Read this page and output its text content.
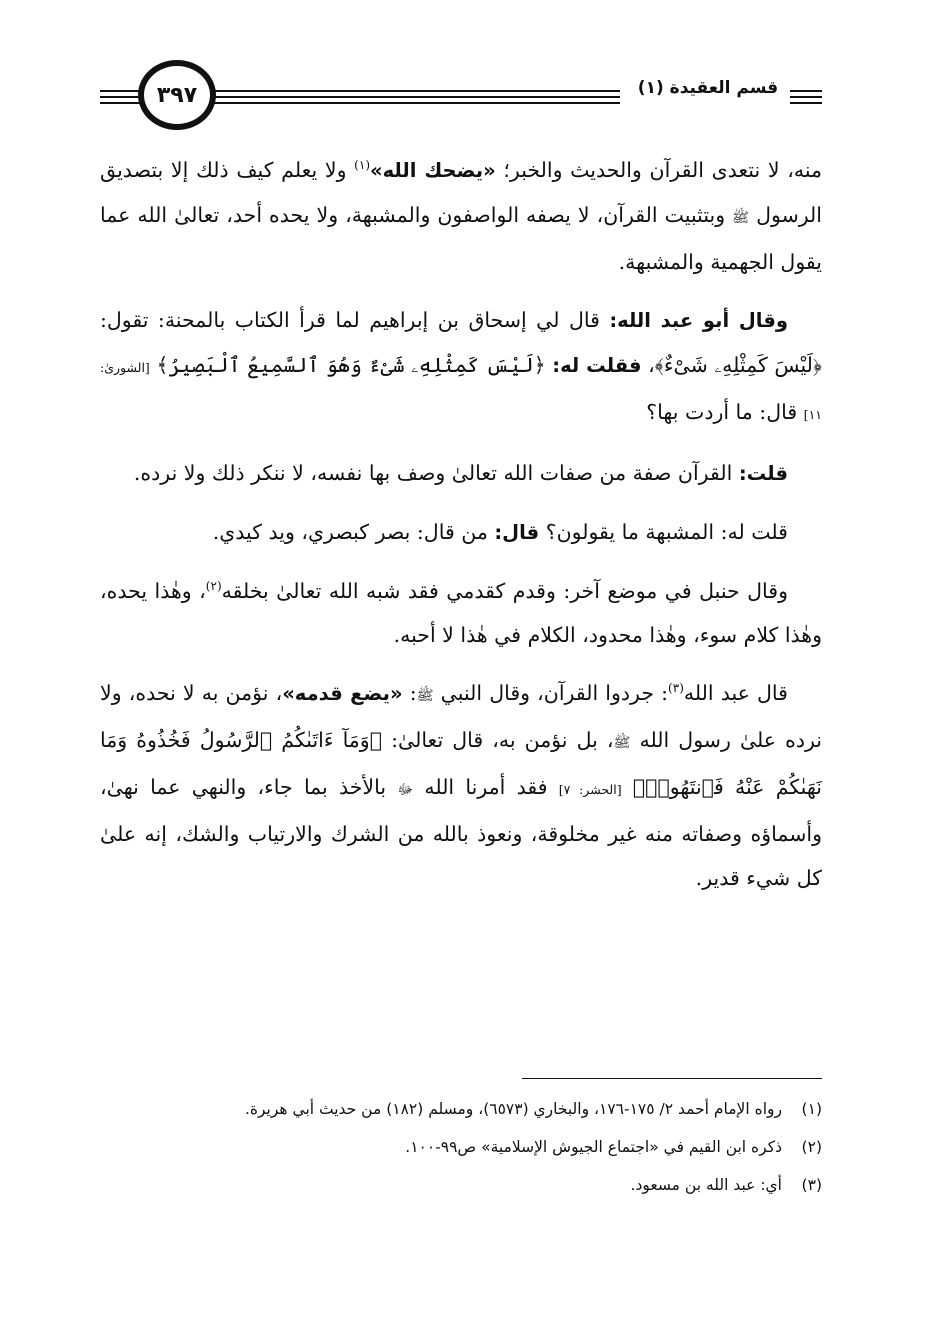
٣٩٧	قسم العقيدة (١)

منه، لا نتعدى القرآن والحديث والخبر؛ «يضحك الله»$^{(١)}$ ولا يعلم كيف ذلك إلا بتصديق الرسول ﷺ وبتثبيت القرآن، لا يصفه الواصفون والمشبهة، ولا يحده أحد، تعالىٰ الله عما يقول الجهمية والمشبهة.

وقال أبو عبد الله: قال لي إسحاق بن إبراهيم لما قرأ الكتاب بالمحنة: تقول: ﴿لَيْسَ كَمِثْلِهِۦ شَىْءٌ﴾، فقلت له: ﴿لَيْسَ كَمِثْلِهِۦ شَىْءٌ وَهُوَ ٱلسَّمِيعُ ٱلْبَصِيرُ﴾ [الشورىٰ: ١١] قال: ما أردت بها؟

قلت: القرآن صفة من صفات الله تعالىٰ وصف بها نفسه، لا ننكر ذلك ولا نرده.

قلت له: المشبهة ما يقولون؟ قال: من قال: بصر كبصري، ويد كيدي.

وقال حنبل في موضع آخر: وقدم كقدمي فقد شبه الله تعالىٰ بخلقه$^{(٢)}$، وهٰذا يحده، وهٰذا كلام سوء، وهٰذا محدود، الكلام في هٰذا لا أحبه.

قال عبد الله$^{(٣)}$: جردوا القرآن، وقال النبي ﷺ: «يضع قدمه»، نؤمن به لا نحده، ولا نرده علىٰ رسول الله ﷺ، بل نؤمن به، قال تعالىٰ: ﴿وَمَآ ءَاتَىٰكُمُ ٱلرَّسُولُ فَخُذُوهُ وَمَا نَهَىٰكُمْ عَنْهُ فَٱنتَهُوا۟﴾ [الحشر: ٧] فقد أمرنا الله ﷻ بالأخذ بما جاء، والنهي عما نهىٰ، وأسماؤه وصفاته منه غير مخلوقة، ونعوذ بالله من الشرك والارتياب والشك، إنه علىٰ كل شيء قدير.

(١)
رواه الإمام أحمد ٢/ ١٧٥-١٧٦، والبخاري (٦٥٧٣)، ومسلم (١٨٢) من حديث أبي هريرة.
(٢)
ذكره ابن القيم في «اجتماع الجيوش الإسلامية» ص٩٩-١٠٠.
(٣)
أي: عبد الله بن مسعود.
